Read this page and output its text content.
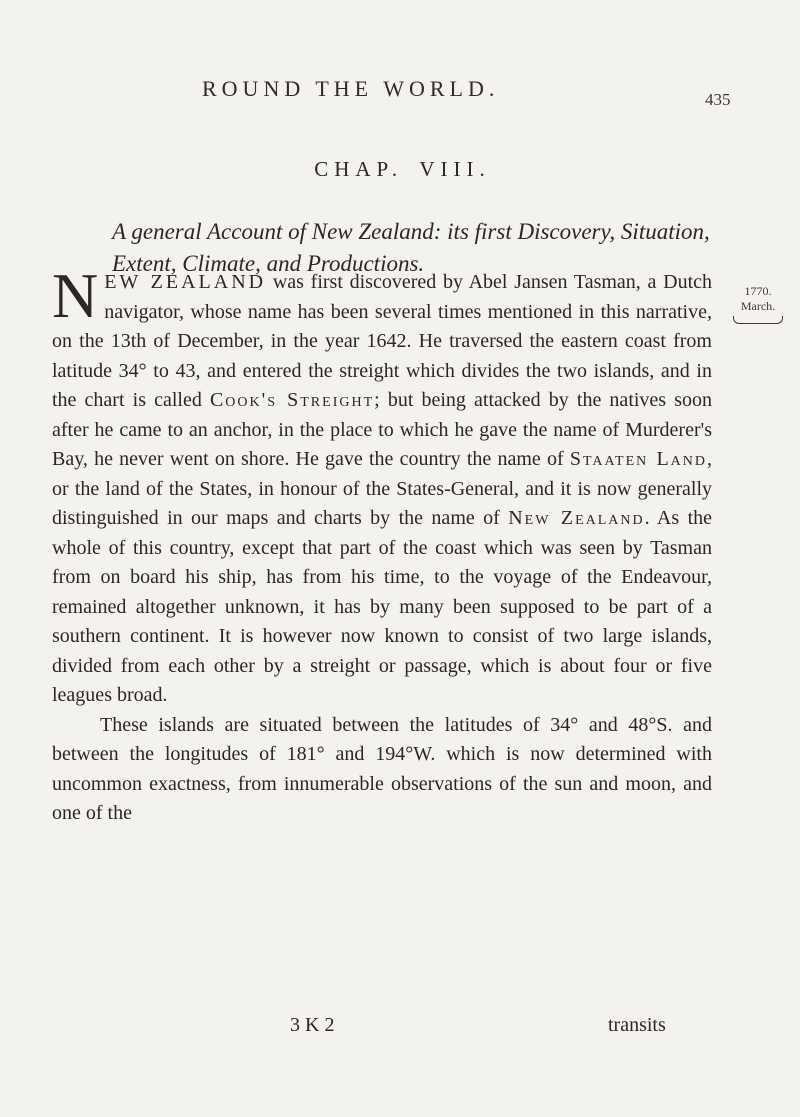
ROUND THE WORLD.	435
CHAP. VIII.
A general Account of New Zealand: its first Discovery, Situation, Extent, Climate, and Productions.
1770.
March.

NEW ZEALAND was first discovered by Abel Jansen Tasman, a Dutch navigator, whose name has been several times mentioned in this narrative, on the 13th of December, in the year 1642. He traversed the eastern coast from latitude 34° to 43, and entered the streight which divides the two islands, and in the chart is called Cook's Streight; but being attacked by the natives soon after he came to an anchor, in the place to which he gave the name of Murderer's Bay, he never went on shore. He gave the country the name of Staaten Land, or the land of the States, in honour of the States-General, and it is now generally distinguished in our maps and charts by the name of New Zealand. As the whole of this country, except that part of the coast which was seen by Tasman from on board his ship, has from his time, to the voyage of the Endeavour, remained altogether unknown, it has by many been supposed to be part of a southern continent. It is however now known to consist of two large islands, divided from each other by a streight or passage, which is about four or five leagues broad.

These islands are situated between the latitudes of 34° and 48°S. and between the longitudes of 181° and 194°W. which is now determined with uncommon exactness, from innumerable observations of the sun and moon, and one of the

3 K 2	transits
